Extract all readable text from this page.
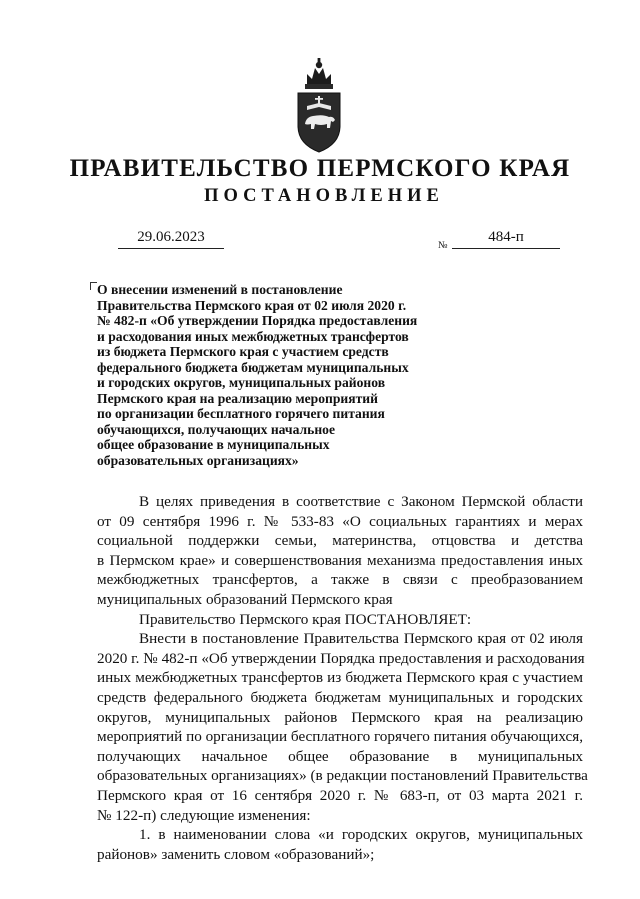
ПРАВИТЕЛЬСТВО ПЕРМСКОГО КРАЯ
ПОСТАНОВЛЕНИЕ
29.06.2023
№
484-п
О внесении изменений в постановление
Правительства Пермского края от 02 июля 2020 г.
№ 482-п «Об утверждении Порядка предоставления
и расходования иных межбюджетных трансфертов
из бюджета Пермского края с участием средств
федерального бюджета бюджетам муниципальных
и городских округов, муниципальных районов
Пермского края на реализацию мероприятий
по организации бесплатного горячего питания
обучающихся, получающих начальное
общее образование в муниципальных
образовательных организациях»
В целях приведения в соответствие с Законом Пермской области
от 09 сентября 1996 г. № 533-83 «О социальных гарантиях и мерах
социальной поддержки семьи, материнства, отцовства и детства
в Пермском крае» и совершенствования механизма предоставления иных
межбюджетных трансфертов, а также в связи с преобразованием
муниципальных образований Пермского края
Правительство Пермского края ПОСТАНОВЛЯЕТ:
Внести в постановление Правительства Пермского края от 02 июля
2020 г. № 482-п «Об утверждении Порядка предоставления и расходования
иных межбюджетных трансфертов из бюджета Пермского края с участием
средств федерального бюджета бюджетам муниципальных и городских
округов, муниципальных районов Пермского края на реализацию
мероприятий по организации бесплатного горячего питания обучающихся,
получающих начальное общее образование в муниципальных
образовательных организациях» (в редакции постановлений Правительства
Пермского края от 16 сентября 2020 г. № 683-п, от 03 марта 2021 г.
№ 122-п) следующие изменения:
1. в наименовании слова «и городских округов, муниципальных
районов» заменить словом «образований»;
